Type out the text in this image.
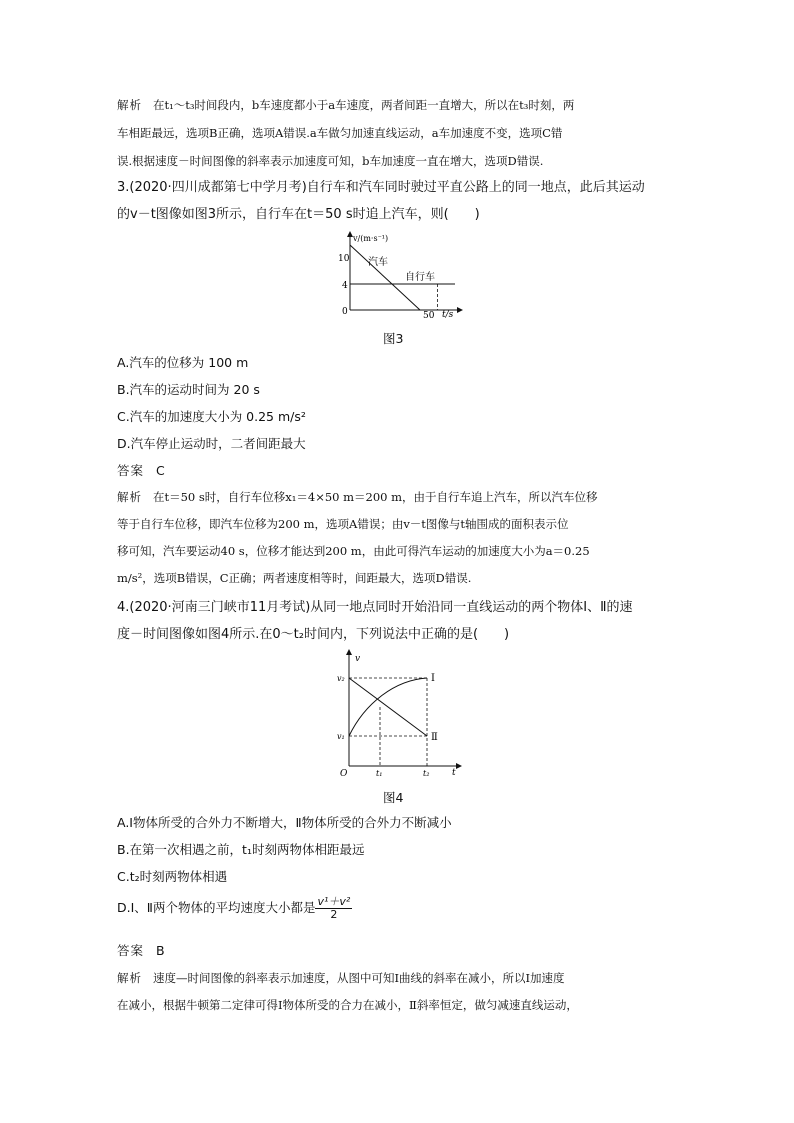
解析 在t₁～t₃时间段内，b车速度都小于a车速度，两者间距一直增大，所以在t₃时刻，两
车相距最远，选项B正确，选项A错误.a车做匀加速直线运动，a车加速度不变，选项C错
误.根据速度－时间图像的斜率表示加速度可知，b车加速度一直在增大，选项D错误.
3.(2020·四川成都第七中学月考)自行车和汽车同时驶过平直公路上的同一地点，此后其运动
的v－t图像如图3所示，自行车在t＝50 s时追上汽车，则(　　)
v/(m·s⁻¹)
t/s
0
10
4
50
汽车
自行车
图3
A.汽车的位移为 100 m
B.汽车的运动时间为 20 s
C.汽车的加速度大小为 0.25 m/s²
D.汽车停止运动时，二者间距最大
答案 C
解析 在t＝50 s时，自行车位移x₁＝4×50 m＝200 m，由于自行车追上汽车，所以汽车位移
等于自行车位移，即汽车位移为200 m，选项A错误；由v－t图像与t轴围成的面积表示位
移可知，汽车要运动40 s，位移才能达到200 m，由此可得汽车运动的加速度大小为a＝0.25
m/s²，选项B错误，C正确；两者速度相等时，间距最大，选项D错误.
4.(2020·河南三门峡市11月考试)从同一地点同时开始沿同一直线运动的两个物体Ⅰ、Ⅱ的速
度－时间图像如图4所示.在0～t₂时间内，下列说法中正确的是(　　)
v
t
O
v₂
v₁
t₁	t₂
Ⅰ
Ⅱ
图4
A.Ⅰ物体所受的合外力不断增大，Ⅱ物体所受的合外力不断减小
B.在第一次相遇之前，t₁时刻两物体相距最远
C.t₂时刻两物体相遇
D.Ⅰ、Ⅱ两个物体的平均速度大小都是 $\frac{\text{v¹＋v²}}{2}$
答案 B
解析 速度—时间图像的斜率表示加速度，从图中可知Ⅰ曲线的斜率在减小，所以Ⅰ加速度
在减小，根据牛顿第二定律可得Ⅰ物体所受的合力在减小，Ⅱ斜率恒定，做匀减速直线运动，
